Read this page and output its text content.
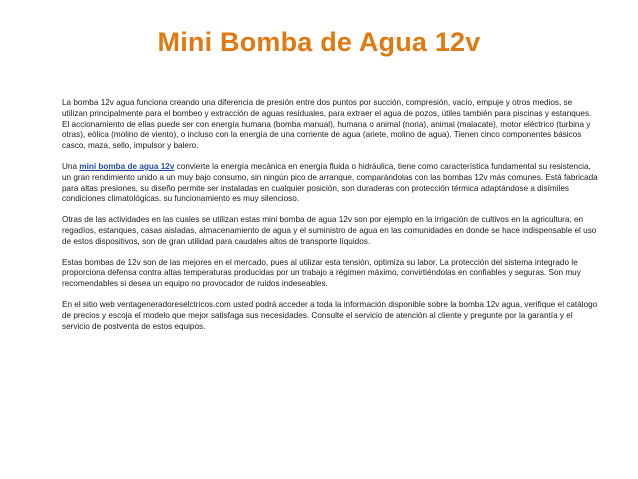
Mini Bomba de Agua 12v

La bomba 12v agua funciona creando una diferencia de presión entre dos puntos por succión, compresión, vacío, empuje y otros medios, se utilizan principalmente para el bombeo y extracción de aguas residuales, para extraer el agua de pozos, útiles también para piscinas y estanques. El accionamiento de ellas puede ser con energía humana (bomba manual), humana o animal (noria), animal (malacate), motor eléctrico (turbina y otras), eólica (molino de viento), o incluso con la energía de una corriente de agua (ariete, molino de agua). Tienen cinco componentes básicos casco, maza, sello, impulsor y balero.

Una mini bomba de agua 12v convierte la energía mecánica en energía fluida o hidráulica, tiene como característica fundamental su resistencia, un gran rendimiento unido a un muy bajo consumo, sin ningún pico de arranque, comparándolas con las bombas 12v más comunes. Está fabricada para altas presiones, su diseño permite ser instaladas en cualquier posición, son duraderas con protección térmica adaptándose a disímiles condiciones climatológicas, su funcionamiento es muy silencioso.

Otras de las actividades en las cuales se utilizan estas mini bomba de agua 12v son por ejemplo en la irrigación de cultivos en la agricultura, en regadíos, estanques, casas aisladas, almacenamiento de agua y el suministro de agua en las comunidades en donde se hace indispensable el uso de estos dispositivos, son de gran utilidad para caudales altos de transporte líquidos.

Estas bombas de 12v son de las mejores en el mercado, pues al utilizar esta tensión, optimiza su labor. La protección del sistema integrado le proporciona defensa contra altas temperaturas producidas por un trabajo a régimen máximo, convirtiéndolas en confiables y seguras. Son muy recomendables si desea un equipo no provocador de ruidos indeseables.

En el sitio web ventageneradoreselctricos.com usted podrá acceder a toda la información disponible sobre la bomba 12v agua, verifique el catálogo de precios y escoja el modelo que mejor satisfaga sus necesidades. Consulte el servicio de atención al cliente y pregunte por la garantía y el servicio de postventa de estos equipos.
